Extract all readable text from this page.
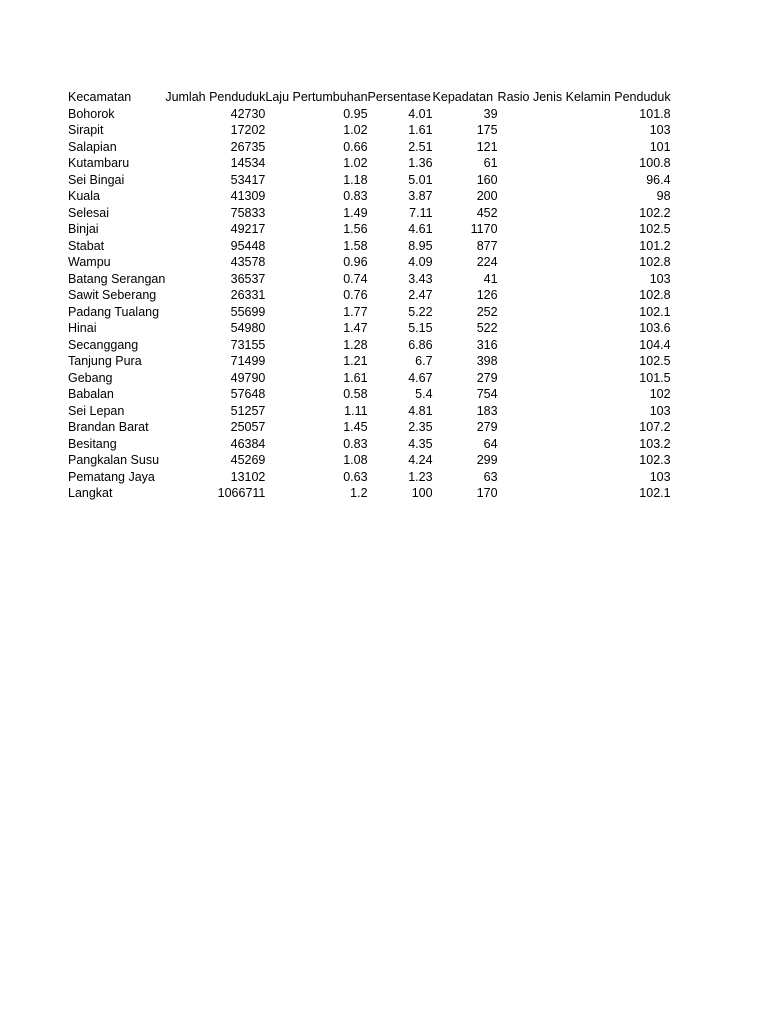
Kecamatan	Jumlah Penduduk	Laju Pertumbuhan	Persentase	Kepadatan	Rasio Jenis Kelamin Penduduk
Bohorok	42730	0.95	4.01	39	101.8
Sirapit	17202	1.02	1.61	175	103
Salapian	26735	0.66	2.51	121	101
Kutambaru	14534	1.02	1.36	61	100.8
Sei Bingai	53417	1.18	5.01	160	96.4
Kuala	41309	0.83	3.87	200	98
Selesai	75833	1.49	7.11	452	102.2
Binjai	49217	1.56	4.61	1170	102.5
Stabat	95448	1.58	8.95	877	101.2
Wampu	43578	0.96	4.09	224	102.8
Batang Serangan	36537	0.74	3.43	41	103
Sawit Seberang	26331	0.76	2.47	126	102.8
Padang Tualang	55699	1.77	5.22	252	102.1
Hinai	54980	1.47	5.15	522	103.6
Secanggang	73155	1.28	6.86	316	104.4
Tanjung Pura	71499	1.21	6.7	398	102.5
Gebang	49790	1.61	4.67	279	101.5
Babalan	57648	0.58	5.4	754	102
Sei Lepan	51257	1.11	4.81	183	103
Brandan Barat	25057	1.45	2.35	279	107.2
Besitang	46384	0.83	4.35	64	103.2
Pangkalan Susu	45269	1.08	4.24	299	102.3
Pematang Jaya	13102	0.63	1.23	63	103
Langkat	1066711	1.2	100	170	102.1
